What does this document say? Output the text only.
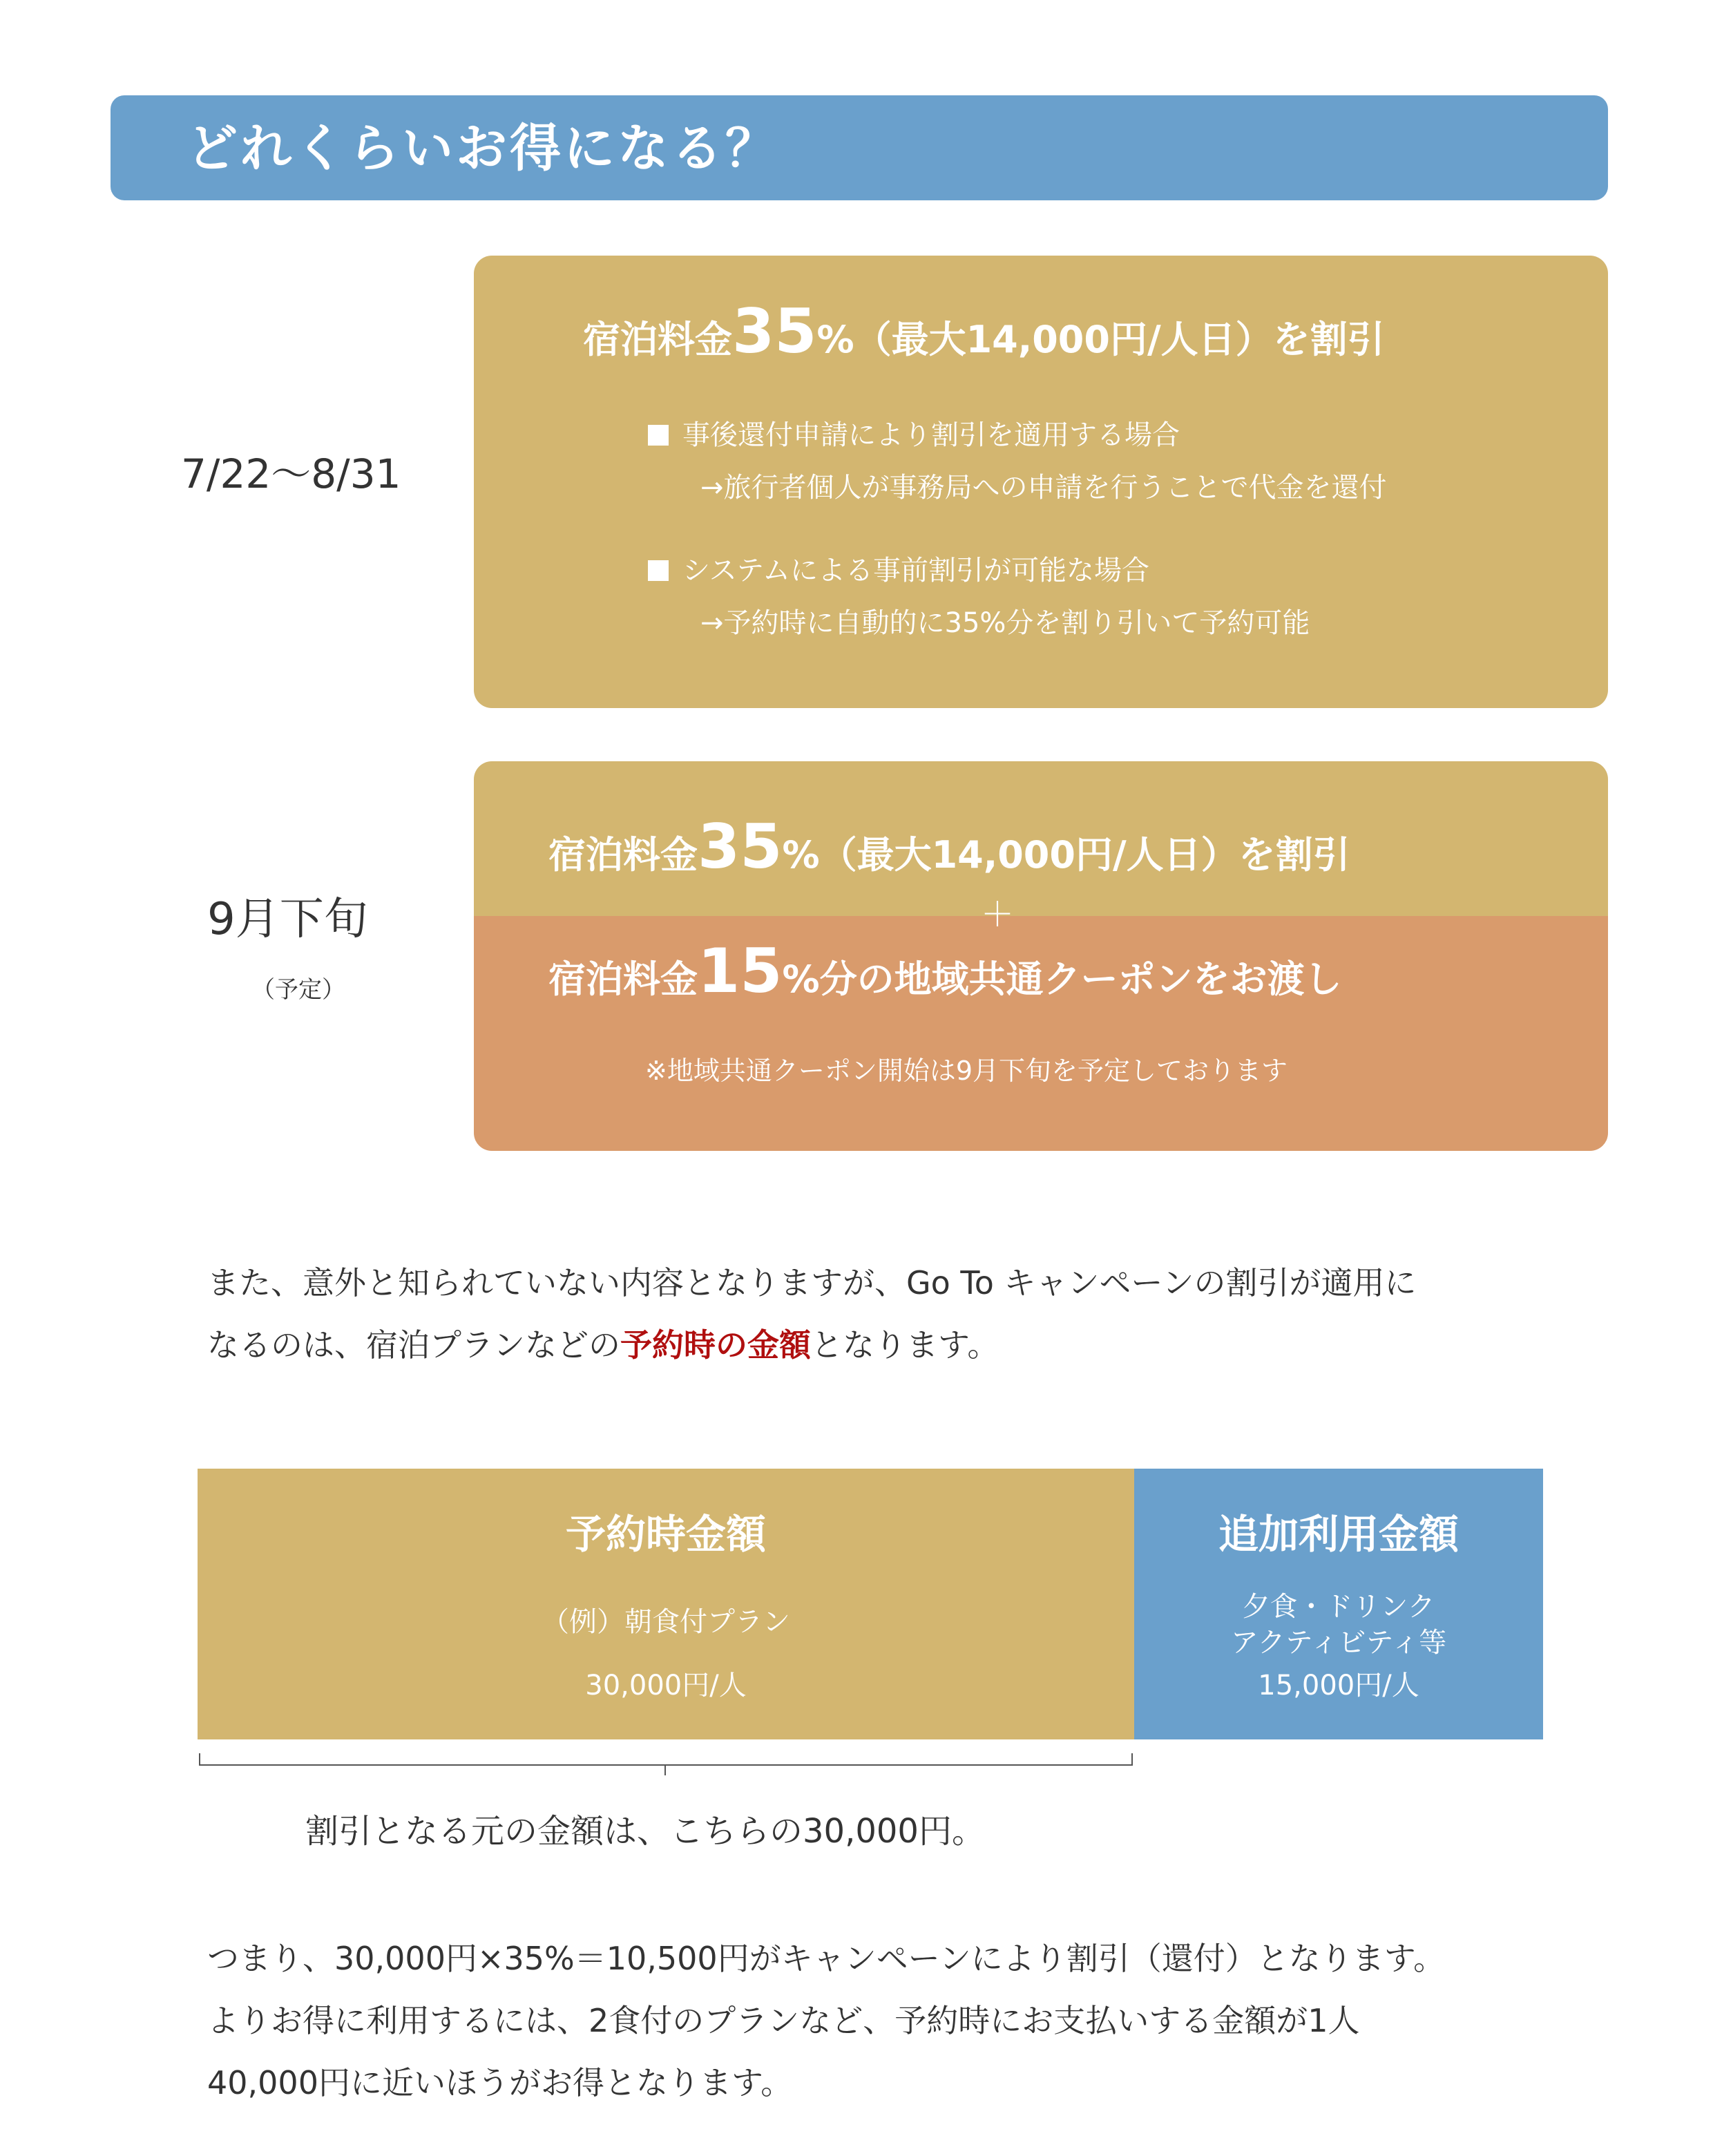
どれくらいお得になる？
7/22～8/31
9月下旬
（予定）
宿泊料金35%（最大14,000円/人日）を割引
事後還付申請により割引を適用する場合
→旅行者個人が事務局への申請を行うことで代金を還付
システムによる事前割引が可能な場合
→予約時に自動的に35%分を割り引いて予約可能
宿泊料金35%（最大14,000円/人日）を割引
＋
宿泊料金15%分の地域共通クーポンをお渡し
※地域共通クーポン開始は9月下旬を予定しております
また、意外と知られていない内容となりますが、Go To キャンペーンの割引が適用に
なるのは、宿泊プランなどの予約時の金額となります。
予約時金額
（例）朝食付プラン
30,000円/人
追加利用金額
夕食・ドリンク
アクティビティ等
15,000円/人
割引となる元の金額は、こちらの30,000円。
つまり、30,000円×35%＝10,500円がキャンペーンにより割引（還付）となります。
よりお得に利用するには、2食付のプランなど、予約時にお支払いする金額が1人
40,000円に近いほうがお得となります。
